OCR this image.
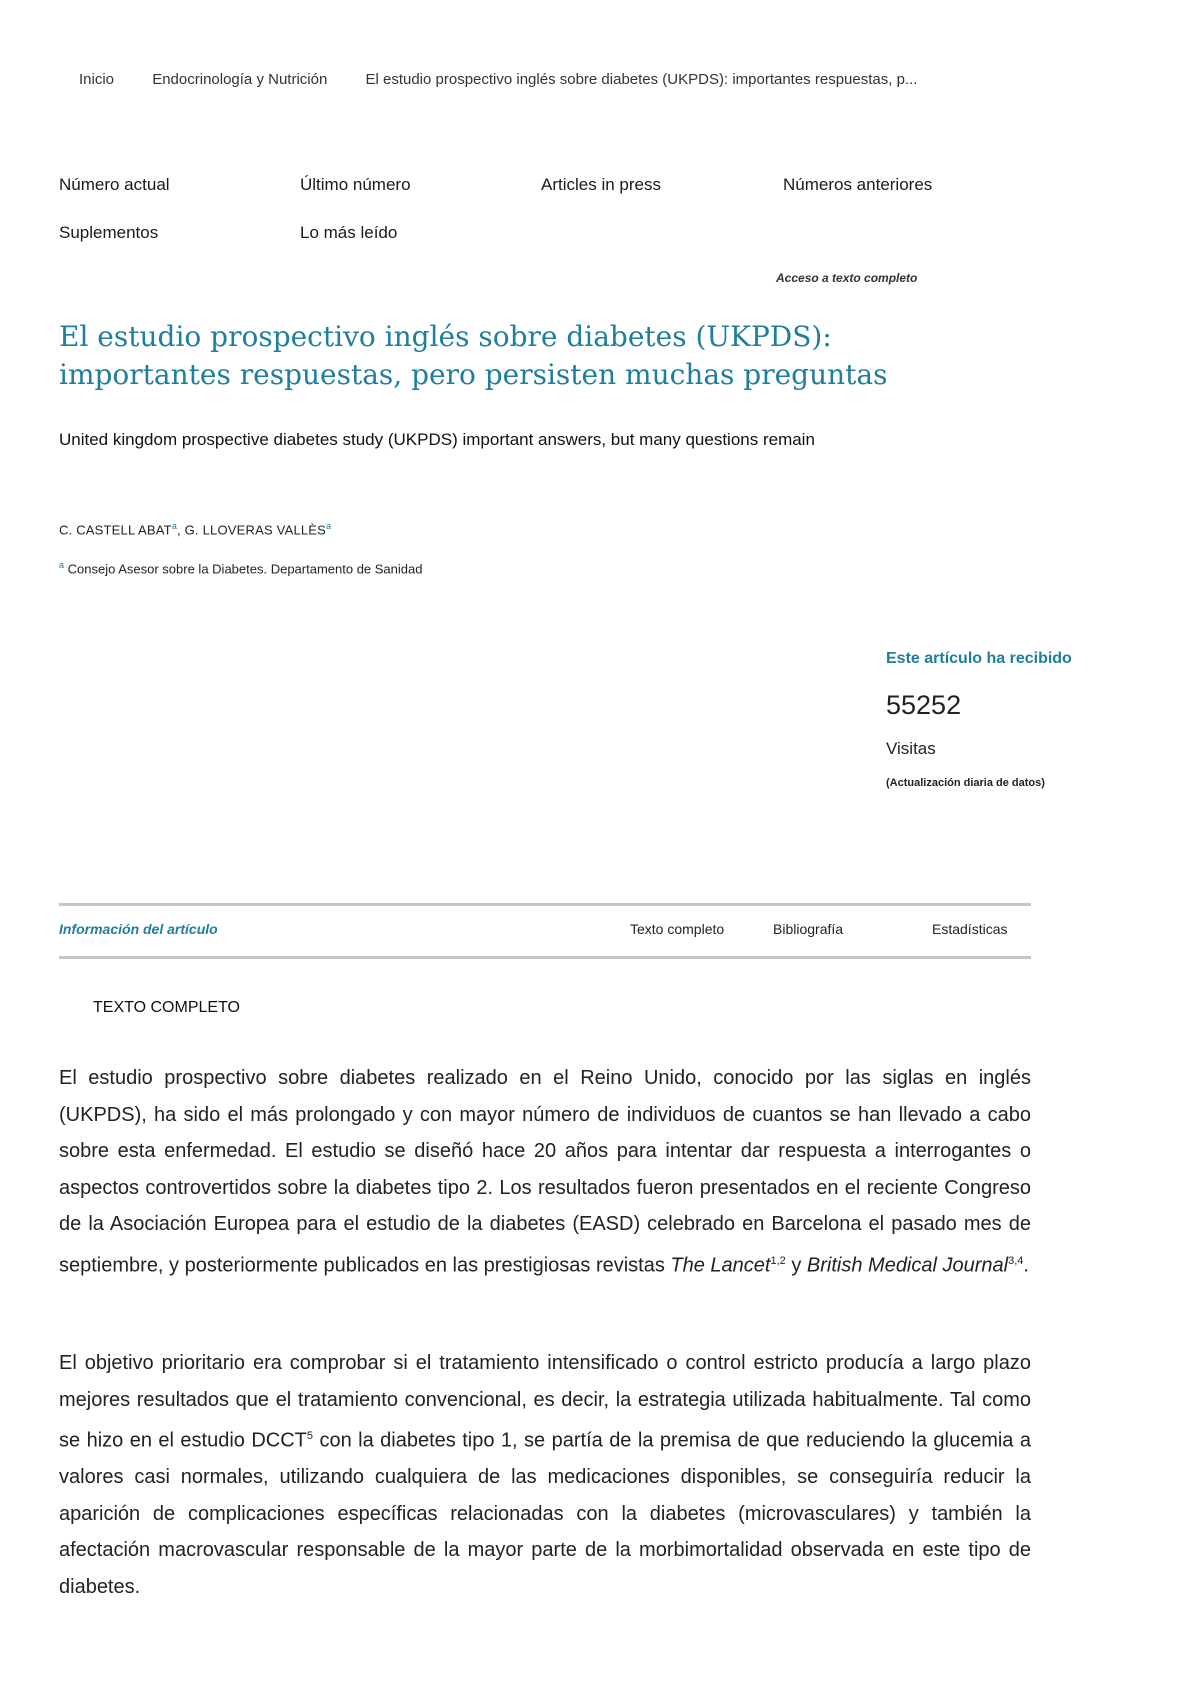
Inicio	Endocrinología y Nutrición	El estudio prospectivo inglés sobre diabetes (UKPDS): importantes respuestas, p...
Número actual	Último número	Articles in press	Números anteriores
Suplementos	Lo más leído
Acceso a texto completo
El estudio prospectivo inglés sobre diabetes (UKPDS):
importantes respuestas, pero persisten muchas preguntas
United kingdom prospective diabetes study (UKPDS) important answers, but many questions remain
C. CASTELL ABAT$^a$, G. LLOVERAS VALLÈS$^a$
$^a$ Consejo Asesor sobre la Diabetes. Departamento de Sanidad
Este artículo ha recibido
55252
Visitas
(Actualización diaria de datos)
Información del artículo	Texto completo	Bibliografía	Estadísticas
TEXTO COMPLETO

El estudio prospectivo sobre diabetes realizado en el Reino Unido, conocido por las siglas en inglés (UKPDS), ha sido el más prolongado y con mayor número de individuos de cuantos se han llevado a cabo sobre esta enfermedad. El estudio se diseñó hace 20 años para intentar dar respuesta a interrogantes o aspectos controvertidos sobre la diabetes tipo 2. Los resultados fueron presentados en el reciente Congreso de la Asociación Europea para el estudio de la diabetes (EASD) celebrado en Barcelona el pasado mes de septiembre, y posteriormente publicados en las prestigiosas revistas The Lancet$^{1,2}$ y British Medical Journal$^{3,4}$.

El objetivo prioritario era comprobar si el tratamiento intensificado o control estricto producía a largo plazo mejores resultados que el tratamiento convencional, es decir, la estrategia utilizada habitualmente. Tal como se hizo en el estudio DCCT$^5$ con la diabetes tipo 1, se partía de la premisa de que reduciendo la glucemia a valores casi normales, utilizando cualquiera de las medicaciones disponibles, se conseguiría reducir la aparición de complicaciones específicas relacionadas con la diabetes (microvasculares) y también la afectación macrovascular responsable de la mayor parte de la morbimortalidad observada en este tipo de diabetes.
